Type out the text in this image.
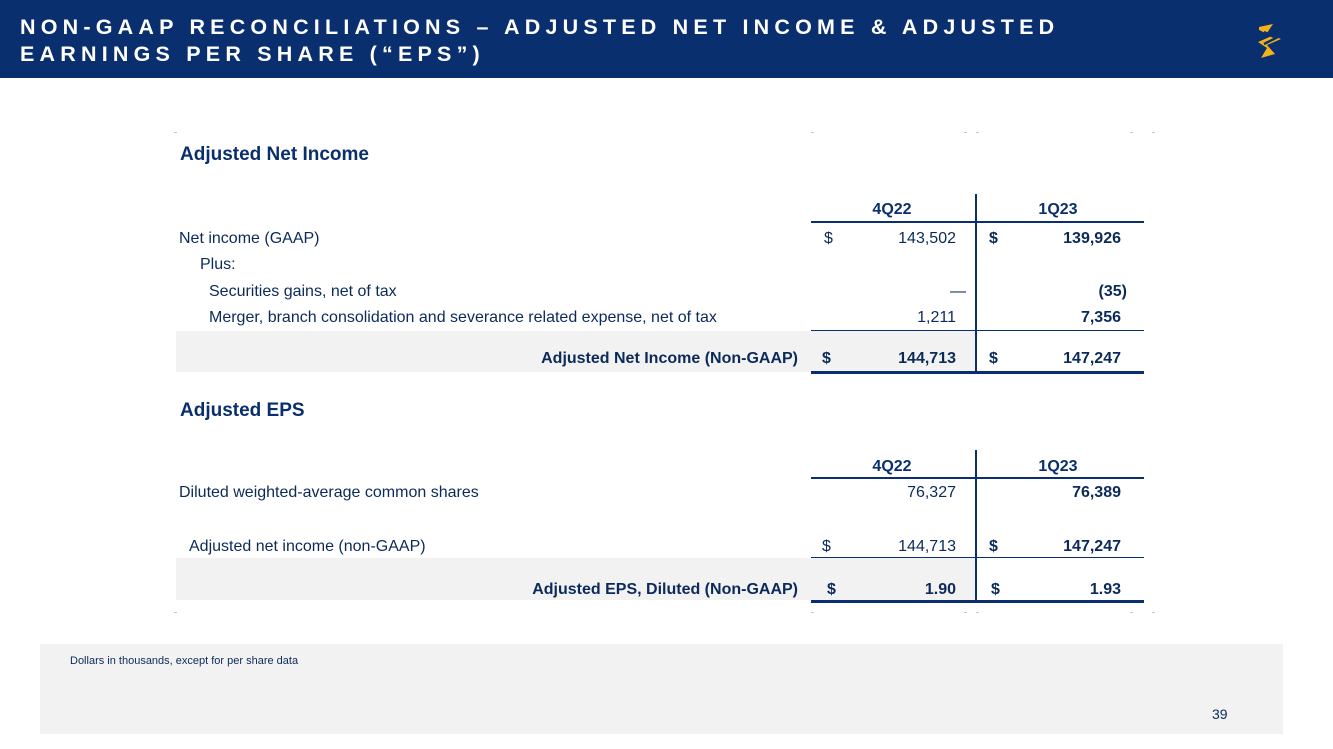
NON-GAAP RECONCILIATIONS – ADJUSTED NET INCOME & ADJUSTED EARNINGS PER SHARE (“EPS”)
Adjusted Net Income
4Q22	1Q23
Net income (GAAP)	$	143,502 $	139,926
Plus:
Securities gains, net of tax	—	(35)
Merger, branch consolidation and severance related expense, net of tax	1,211	7,356
Adjusted Net Income (Non-GAAP) $	144,713 $	147,247
Adjusted EPS
4Q22	1Q23
Diluted weighted-average common shares	76,327	76,389
Adjusted net income (non-GAAP)	$	144,713 $	147,247
Adjusted EPS, Diluted (Non-GAAP) $	1.90 $	1.93
Dollars in thousands, except for per share data
39
